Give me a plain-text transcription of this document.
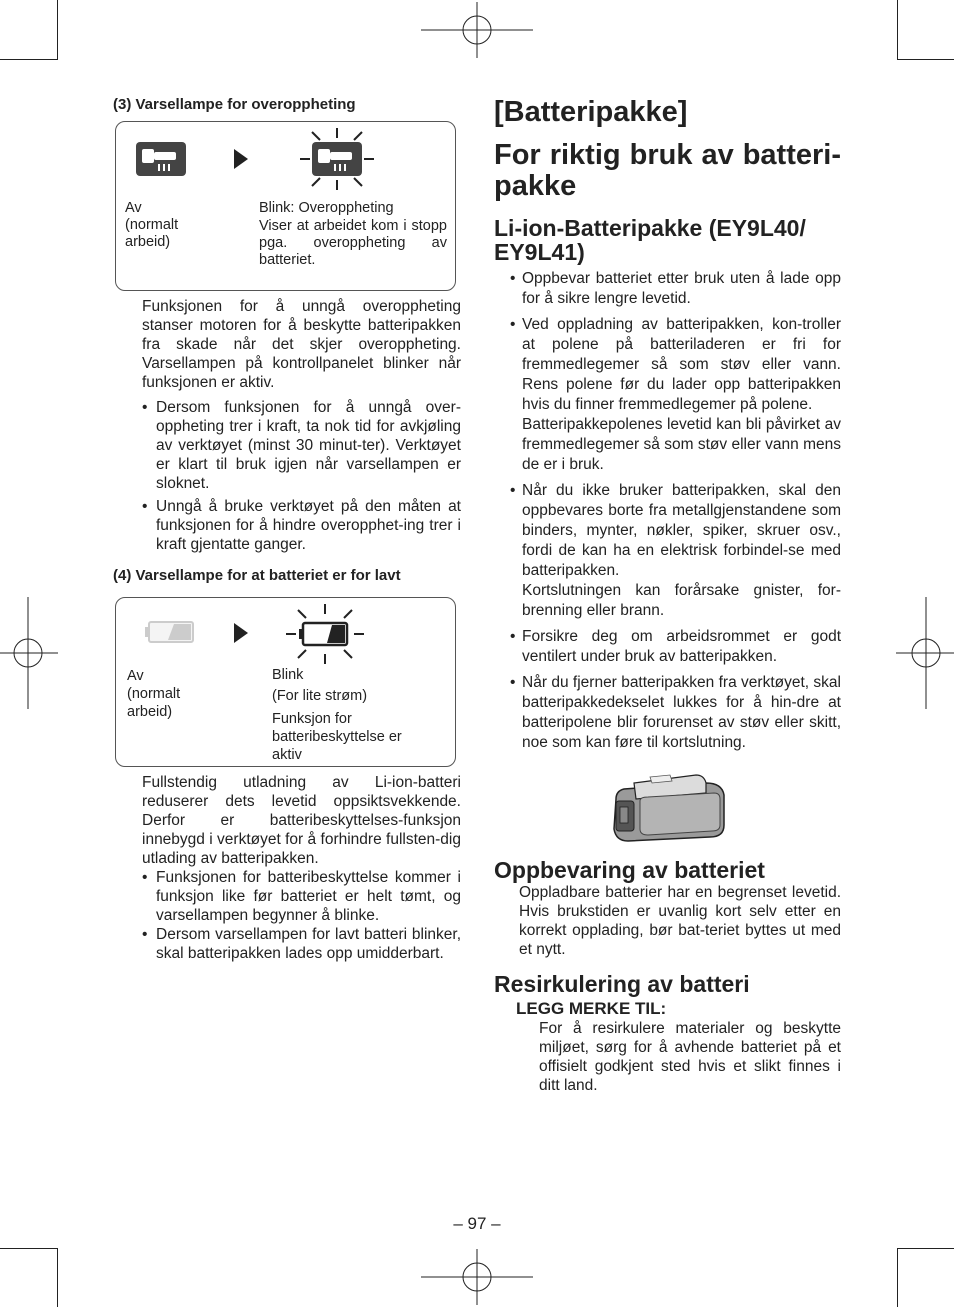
(3) Varsellampe for overoppheting
Av
(normalt
arbeid)
Blink: Overoppheting
Viser at arbeidet kom i stopp pga. overoppheting av batteriet.
Funksjonen for å unngå overoppheting stanser motoren for å beskytte batteripakken fra skade når det skjer overoppheting. Varsellampen på kontrollpanelet blinker når funksjonen er aktiv.
• Dersom funksjonen for å unngå over-oppheting trer i kraft, ta nok tid for avkjøling av verktøyet (minst 30 minut-ter). Verktøyet er klart til bruk igjen når varsellampen er sloknet.
• Unngå å bruke verktøyet på den måten at funksjonen for å hindre overopphet-ing trer i kraft gjentatte ganger.
(4) Varsellampe for at batteriet er for lavt
Av
(normalt
arbeid)
Blink
(For lite strøm)
Funksjon for
batteribeskyttelse er
aktiv
Fullstendig utladning av Li-ion-batteri reduserer dets levetid oppsiktsvekkende. Derfor er batteribeskyttelses-funksjon innebygd i verktøyet for å forhindre fullsten-dig utlading av batteripakken.
• Funksjonen for batteribeskyttelse kommer i funksjon like før batteriet er helt tømt, og varsellampen begynner å blinke.
• Dersom varsellampen for lavt batteri blinker, skal batteripakken lades opp umidderbart.
[Batteripakke]
For riktig bruk av batteri-pakke
Li-ion-Batteripakke (EY9L40/ EY9L41)
• Oppbevar batteriet etter bruk uten å lade opp for å sikre lengre levetid.
• Ved oppladning av batteripakken, kon-troller at polene på batteriladeren er fri for fremmedlegemer så som støv eller vann. Rens polene før du lader opp batteripakken hvis du finner fremmedlegemer på polene.
Batteripakkepolenes levetid kan bli påvirket av fremmedlegemer så som støv eller vann mens de er i bruk.
• Når du ikke bruker batteripakken, skal den oppbevares borte fra metallgjenstandene som binders, mynter, nøkler, spiker, skruer osv., fordi de kan ha en elektrisk forbindel-se med batteripakken.
Kortslutningen kan forårsake gnister, for-brenning eller brann.
• Forsikre deg om arbeidsrommet er godt ventilert under bruk av batteripakken.
• Når du fjerner batteripakken fra verktøyet, skal batteripakkedekselet lukkes for å hin-dre at batteripolene blir forurenset av støv eller skitt, noe som kan føre til kortslutning.
Oppbevaring av batteriet
Oppladbare batterier har en begrenset levetid. Hvis brukstiden er uvanlig kort selv etter en korrekt opplading, bør bat-teriet byttes ut med et nytt.
Resirkulering av batteri
LEGG MERKE TIL:
For å resirkulere materialer og beskytte miljøet, sørg for å avhende batteriet på et offisielt godkjent sted hvis et slikt finnes i ditt land.
– 97 –
